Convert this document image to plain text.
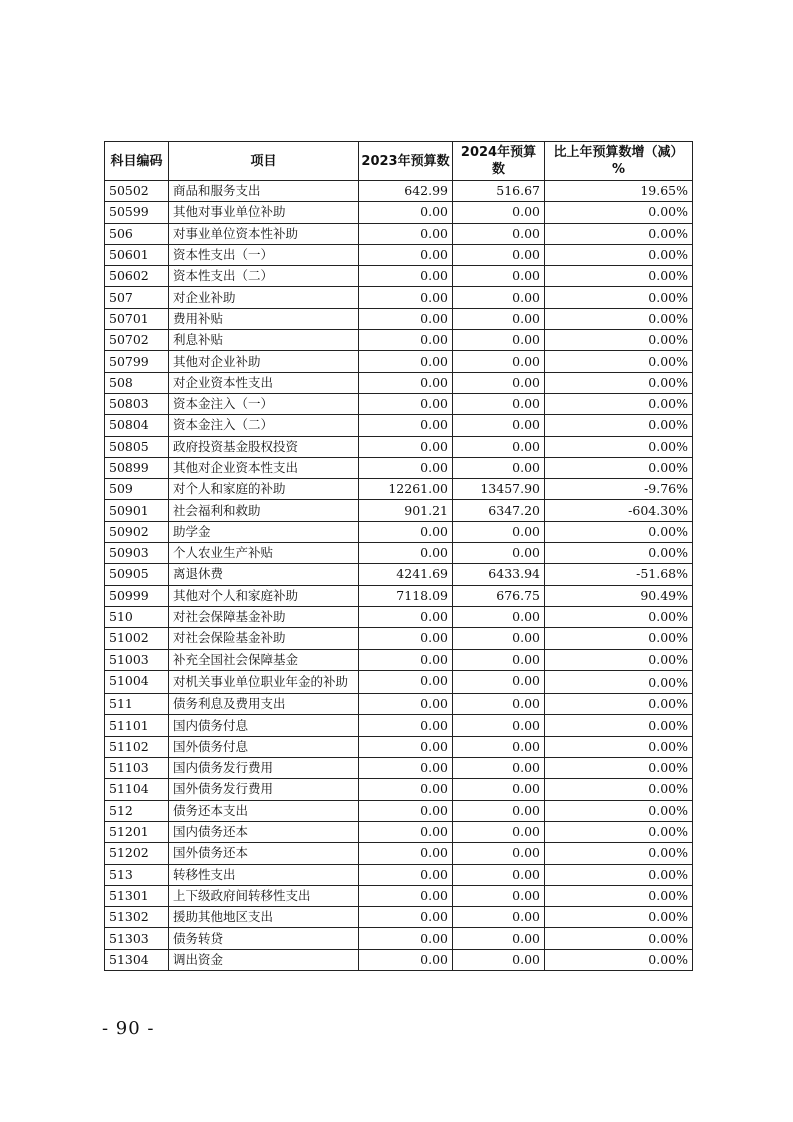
科目编码	项目	2023年预算数	2024年预算数	比上年预算数增（减）%
50502	商品和服务支出	642.99	516.67	19.65%
50599	其他对事业单位补助	0.00	0.00	0.00%
506	对事业单位资本性补助	0.00	0.00	0.00%
50601	资本性支出（一）	0.00	0.00	0.00%
50602	资本性支出（二）	0.00	0.00	0.00%
507	对企业补助	0.00	0.00	0.00%
50701	费用补贴	0.00	0.00	0.00%
50702	利息补贴	0.00	0.00	0.00%
50799	其他对企业补助	0.00	0.00	0.00%
508	对企业资本性支出	0.00	0.00	0.00%
50803	资本金注入（一）	0.00	0.00	0.00%
50804	资本金注入（二）	0.00	0.00	0.00%
50805	政府投资基金股权投资	0.00	0.00	0.00%
50899	其他对企业资本性支出	0.00	0.00	0.00%
509	对个人和家庭的补助	12261.00	13457.90	-9.76%
50901	社会福利和救助	901.21	6347.20	-604.30%
50902	助学金	0.00	0.00	0.00%
50903	个人农业生产补贴	0.00	0.00	0.00%
50905	离退休费	4241.69	6433.94	-51.68%
50999	其他对个人和家庭补助	7118.09	676.75	90.49%
510	对社会保障基金补助	0.00	0.00	0.00%
51002	对社会保险基金补助	0.00	0.00	0.00%
51003	补充全国社会保障基金	0.00	0.00	0.00%
51004	对机关事业单位职业年金的补助	0.00	0.00	0.00%
511	债务利息及费用支出	0.00	0.00	0.00%
51101	国内债务付息	0.00	0.00	0.00%
51102	国外债务付息	0.00	0.00	0.00%
51103	国内债务发行费用	0.00	0.00	0.00%
51104	国外债务发行费用	0.00	0.00	0.00%
512	债务还本支出	0.00	0.00	0.00%
51201	国内债务还本	0.00	0.00	0.00%
51202	国外债务还本	0.00	0.00	0.00%
513	转移性支出	0.00	0.00	0.00%
51301	上下级政府间转移性支出	0.00	0.00	0.00%
51302	援助其他地区支出	0.00	0.00	0.00%
51303	债务转贷	0.00	0.00	0.00%
51304	调出资金	0.00	0.00	0.00%
- 90 -
